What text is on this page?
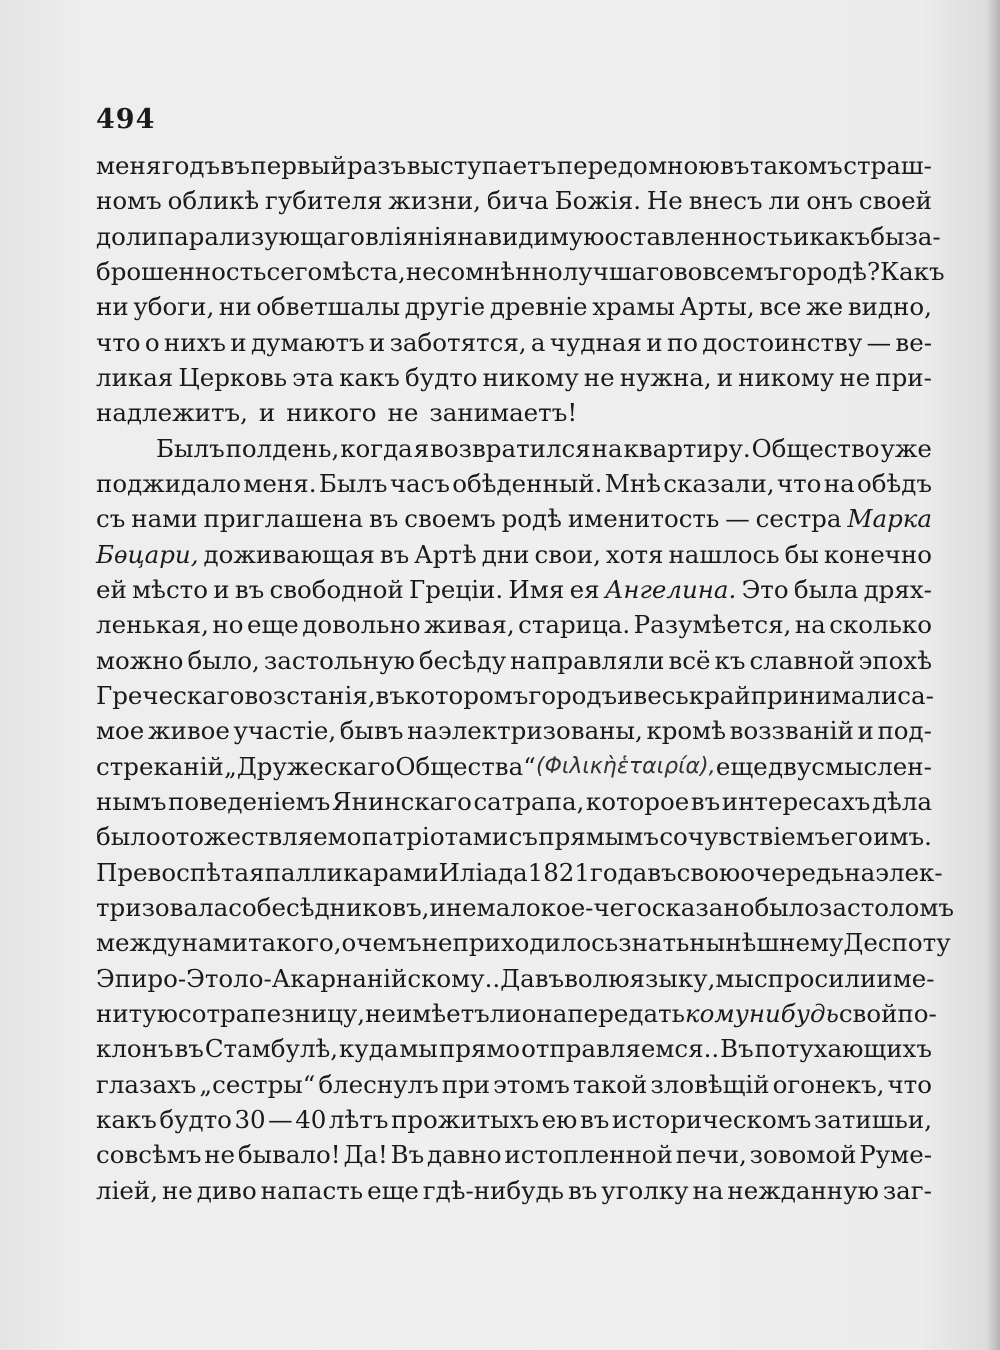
494
меня годъ въ первый разъ выступаетъ передо мною въ такомъ страш-
номъ обликѣ губителя жизни, бича Божія. Не внесъ ли онъ своей
доли парализующаго вліянія на видимую оставленность и какъ бы за-
брошенность сего мѣста, несомнѣнно лучшаго во всемъ городѣ? Какъ
ни убоги, ни обветшалы другіе древніе храмы Арты, все же видно,
что о нихъ и думаютъ и заботятся, а чудная и по достоинству — ве-
ликая Церковь эта какъ будто никому не нужна, и никому не при-
надлежитъ, и никого не занимаетъ!
Былъ полдень, когда я возвратился на квартиру. Общество уже
поджидало меня. Былъ часъ обѣденный. Мнѣ сказали, что на обѣдъ
съ нами приглашена въ своемъ родѣ именитость — сестра Марка
Бѳцари, доживающая въ Артѣ дни свои, хотя нашлось бы конечно
ей мѣсто и въ свободной Греціи. Имя ея Ангелина. Это была дрях-
ленькая, но еще довольно живая, старица. Разумѣется, на сколько
можно было, застольную бесѣду направляли всё къ славной эпохѣ
Греческаго возстанія, въ которомъ городъ и весь край принимали са-
мое живое участіе, бывъ наэлектризованы, кромѣ воззваній и под-
стреканій „Дружескаго Общества“ (Φιλικὴ ἑταιρία), еще двусмыслен-
нымъ поведеніемъ Янинскаго сатрапа, которое въ интересахъ дѣла
было отожествляемо патріотами съ прямымъ сочувствіемъ его имъ.
Превоспѣтая палликарами Иліада 1821 года въ свою очередь наэлек-
тризовала собесѣдниковъ, и не мало кое-чего сказано было за столомъ
между нами такого, о чемъ не приходилось знать нынѣшнему Деспоту
Эпиро-Этоло-Акарнанійскому.. Давъ волю языку, мы спросили име-
нитую сотрапезницу, не имѣетъ ли она передать кому нибудь свой по-
клонъ въ Стамбулѣ, куда мы прямо отправляемся.. Въ потухающихъ
глазахъ „сестры“ блеснулъ при этомъ такой зловѣщій огонекъ, что
какъ будто 30 — 40 лѣтъ прожитыхъ ею въ историческомъ затишьи,
совсѣмъ не бывало! Да! Въ давно истопленной печи, зовомой Руме-
ліей, не диво напасть еще гдѣ-нибудь въ уголку на нежданную заг-
